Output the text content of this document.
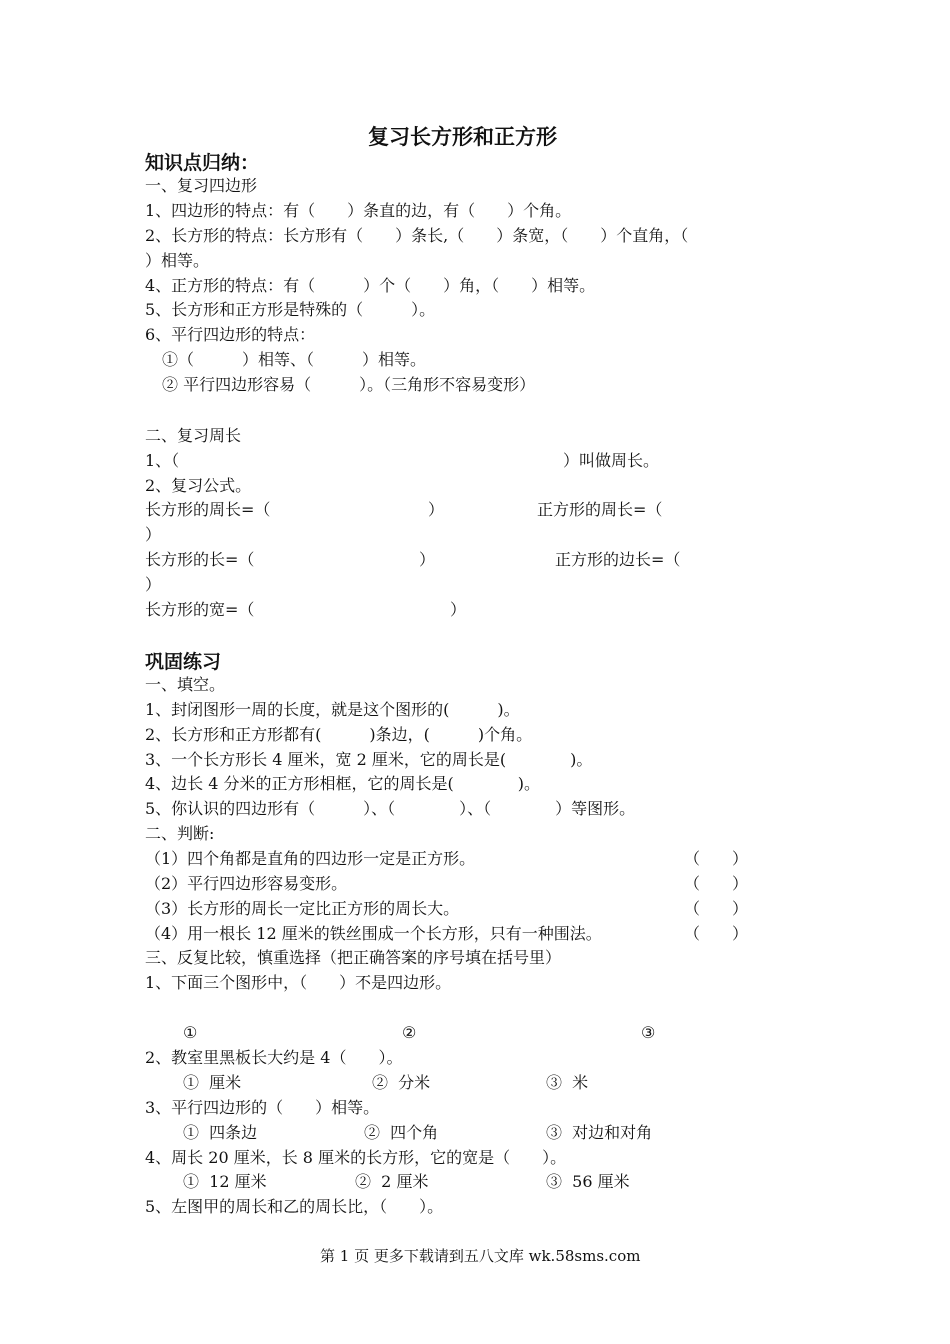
复习长方形和正方形
知识点归纳：
一、复习四边形
1、四边形的特点：有（　　）条直的边，有（　　）个角。
2、长方形的特点：长方形有（　　）条长,（　　）条宽，（　　）个直角，（
）相等。
4、正方形的特点：有（　　　）个（　　）角，（　　）相等。
5、长方形和正方形是特殊的（　　　）。
6、平行四边形的特点：
①（　　　）相等、（　　　）相等。
② 平行四边形容易（　　　）。（三角形不容易变形）
二、复习周长
1、（	）叫做周长。
2、复习公式。
长方形的周长=（	）	正方形的周长=（
）
长方形的长=（	）	正方形的边长=（
）
长方形的宽=（	）
巩固练习
一、填空。
1、封闭图形一周的长度，就是这个图形的(　　　)。
2、长方形和正方形都有(　　　)条边，(　　　)个角。
3、一个长方形长 4 厘米，宽 2 厘米，它的周长是(　　　　)。
4、边长 4 分米的正方形相框，它的周长是(　　　　)。
5、你认识的四边形有（　　　）、（　　　　）、（　　　　）等图形。
二、判断:
（1）四个角都是直角的四边形一定是正方形。	（　　）
（2）平行四边形容易变形。	（　　）
（3）长方形的周长一定比正方形的周长大。	（　　）
（4）用一根长 12 厘米的铁丝围成一个长方形，只有一种围法。	（　　）
三、反复比较，慎重选择（把正确答案的序号填在括号里）
1、下面三个图形中，（　　）不是四边形。
①	②	③
2、教室里黑板长大约是 4（　　）。
①  厘米	②  分米	③  米
3、平行四边形的（　　）相等。
①  四条边	②  四个角	③  对边和对角
4、周长 20 厘米，长 8 厘米的长方形，它的宽是（　　）。
①  12 厘米	②  2 厘米	③  56 厘米
5、左图甲的周长和乙的周长比，（　　）。
第 1 页 更多下载请到五八文库 wk.58sms.com
